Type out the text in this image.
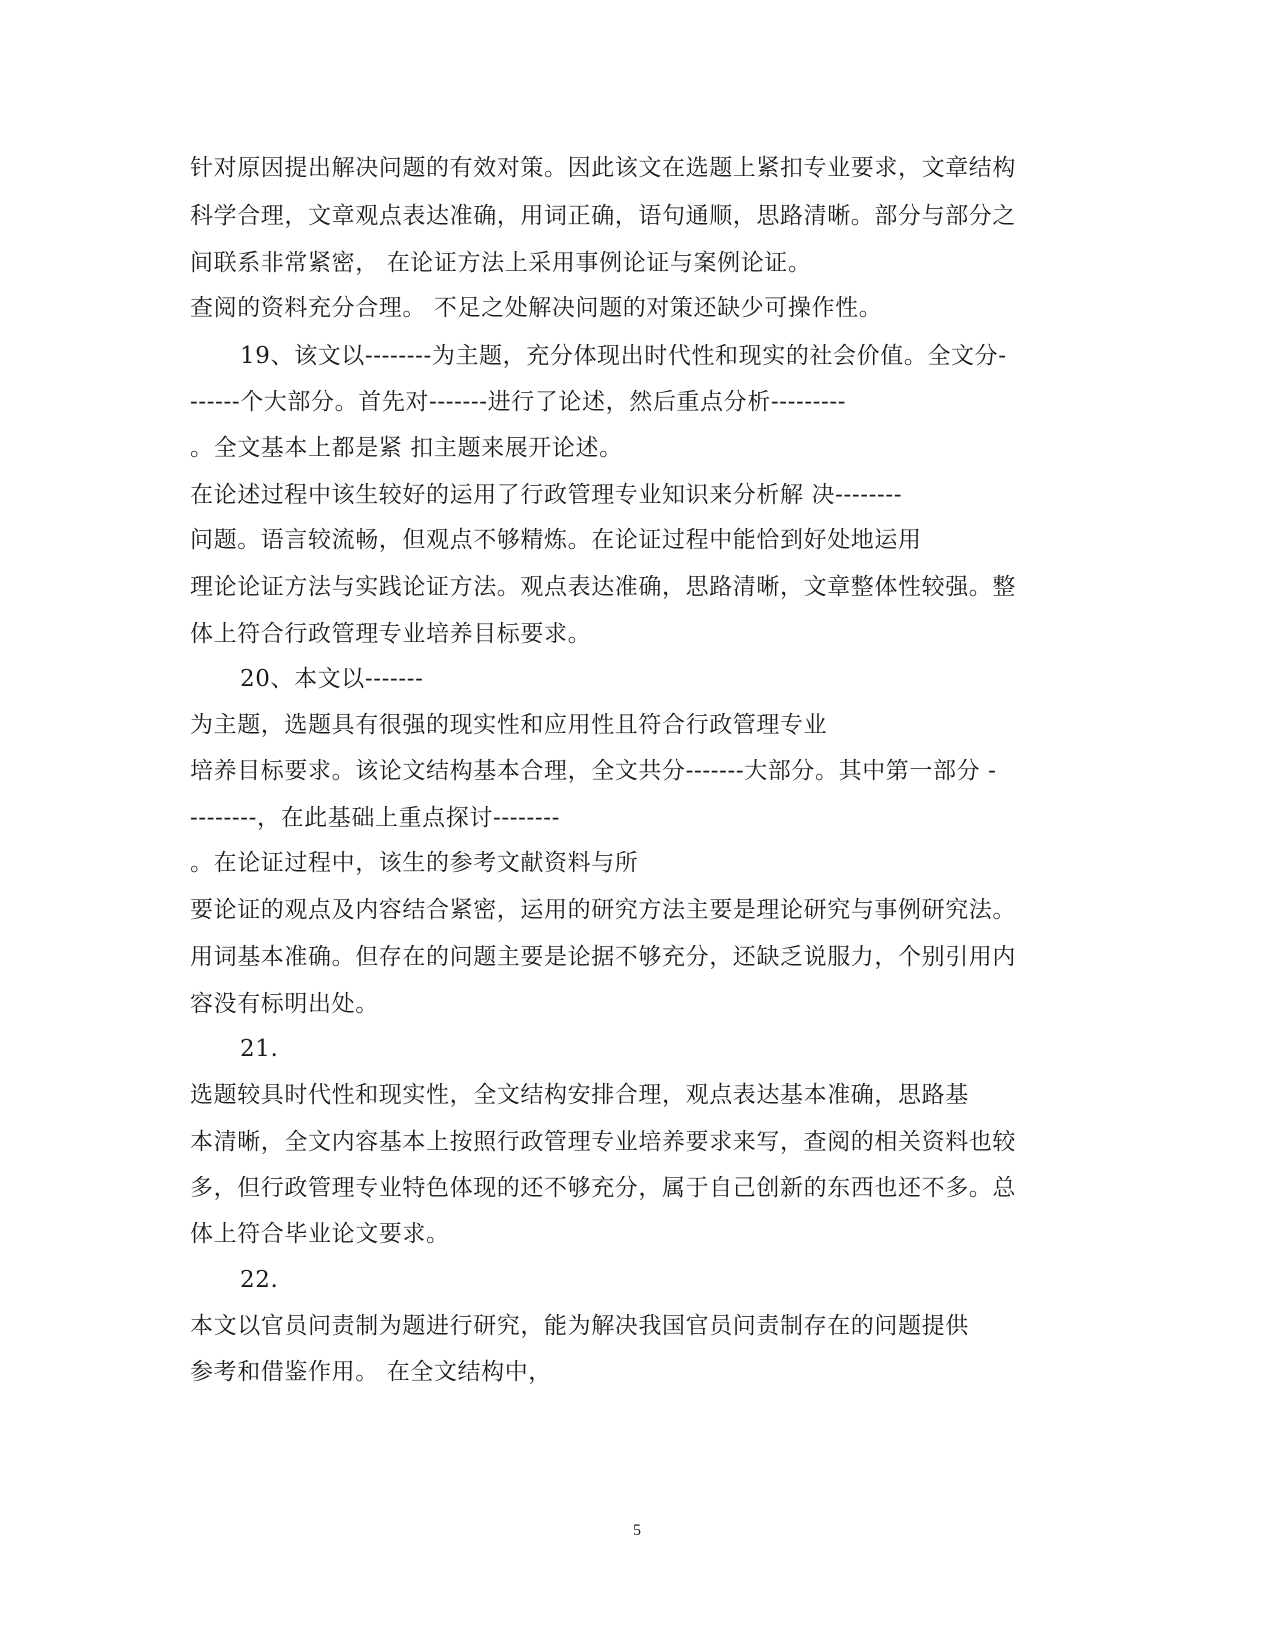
针对原因提出解决问题的有效对策。因此该文在选题上紧扣专业要求，文章结构
科学合理，文章观点表达准确，用词正确，语句通顺，思路清晰。部分与部分之
间联系非常紧密， 在论证方法上采用事例论证与案例论证。
查阅的资料充分合理。 不足之处解决问题的对策还缺少可操作性。
19、该文以--------为主题，充分体现出时代性和现实的社会价值。全文分-
------个大部分。首先对-------进行了论述，然后重点分析---------
。全文基本上都是紧 扣主题来展开论述。
在论述过程中该生较好的运用了行政管理专业知识来分析解 决--------
问题。语言较流畅，但观点不够精炼。在论证过程中能恰到好处地运用
理论论证方法与实践论证方法。观点表达准确，思路清晰，文章整体性较强。整
体上符合行政管理专业培养目标要求。
20、本文以-------
为主题，选题具有很强的现实性和应用性且符合行政管理专业
培养目标要求。该论文结构基本合理，全文共分-------大部分。其中第一部分 -
--------，在此基础上重点探讨--------
。在论证过程中，该生的参考文献资料与所
要论证的观点及内容结合紧密，运用的研究方法主要是理论研究与事例研究法。
用词基本准确。但存在的问题主要是论据不够充分，还缺乏说服力，个别引用内
容没有标明出处。
21.
选题较具时代性和现实性，全文结构安排合理，观点表达基本准确，思路基
本清晰，全文内容基本上按照行政管理专业培养要求来写，查阅的相关资料也较
多，但行政管理专业特色体现的还不够充分，属于自己创新的东西也还不多。总
体上符合毕业论文要求。
22.
本文以官员问责制为题进行研究，能为解决我国官员问责制存在的问题提供
参考和借鉴作用。 在全文结构中，
5
